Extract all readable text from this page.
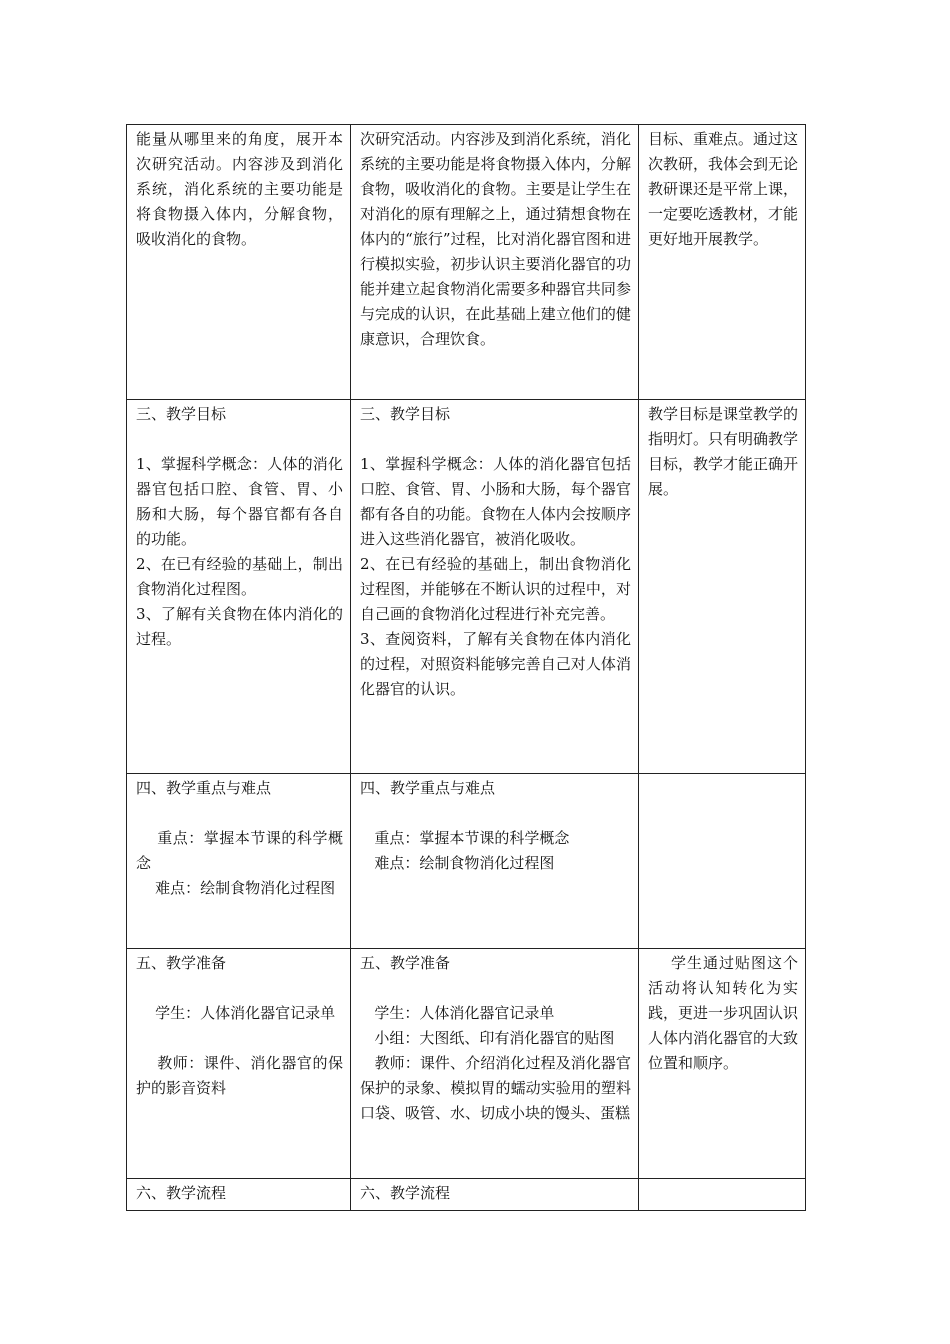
能量从哪里来的角度，展开本次研究活动。内容涉及到消化系统，消化系统的主要功能是将食物摄入体内，分解食物，吸收消化的食物。	次研究活动。内容涉及到消化系统，消化系统的主要功能是将食物摄入体内，分解食物，吸收消化的食物。主要是让学生在对消化的原有理解之上，通过猜想食物在体内的“旅行”过程，比对消化器官图和进行模拟实验，初步认识主要消化器官的功能并建立起食物消化需要多种器官共同参与完成的认识，在此基础上建立他们的健康意识，合理饮食。	目标、重难点。通过这次教研，我体会到无论教研课还是平常上课，一定要吃透教材，才能更好地开展教学。

三、教学目标

1、掌握科学概念：人体的消化器官包括口腔、食管、胃、小肠和大肠，每个器官都有各自的功能。
2、在已有经验的基础上，制出食物消化过程图。
3、了解有关食物在体内消化的过程。	三、教学目标

1、掌握科学概念：人体的消化器官包括口腔、食管、胃、小肠和大肠，每个器官都有各自的功能。食物在人体内会按顺序进入这些消化器官，被消化吸收。
2、在已有经验的基础上，制出食物消化过程图，并能够在不断认识的过程中，对自己画的食物消化过程进行补充完善。
3、查阅资料，了解有关食物在体内消化的过程，对照资料能够完善自己对人体消化器官的认识。	教学目标是课堂教学的指明灯。只有明确教学目标，教学才能正确开展。

四、教学重点与难点

重点：掌握本节课的科学概念
难点：绘制食物消化过程图	四、教学重点与难点

重点：掌握本节课的科学概念
难点：绘制食物消化过程图	

五、教学准备

学生：人体消化器官记录单

教师：课件、消化器官的保护的影音资料	五、教学准备

学生：人体消化器官记录单
小组：大图纸、印有消化器官的贴图
教师：课件、介绍消化过程及消化器官保护的录象、模拟胃的蠕动实验用的塑料口袋、吸管、水、切成小块的馒头、蛋糕	学生通过贴图这个活动将认知转化为实践，更进一步巩固认识人体内消化器官的大致位置和顺序。

六、教学流程	六、教学流程	
